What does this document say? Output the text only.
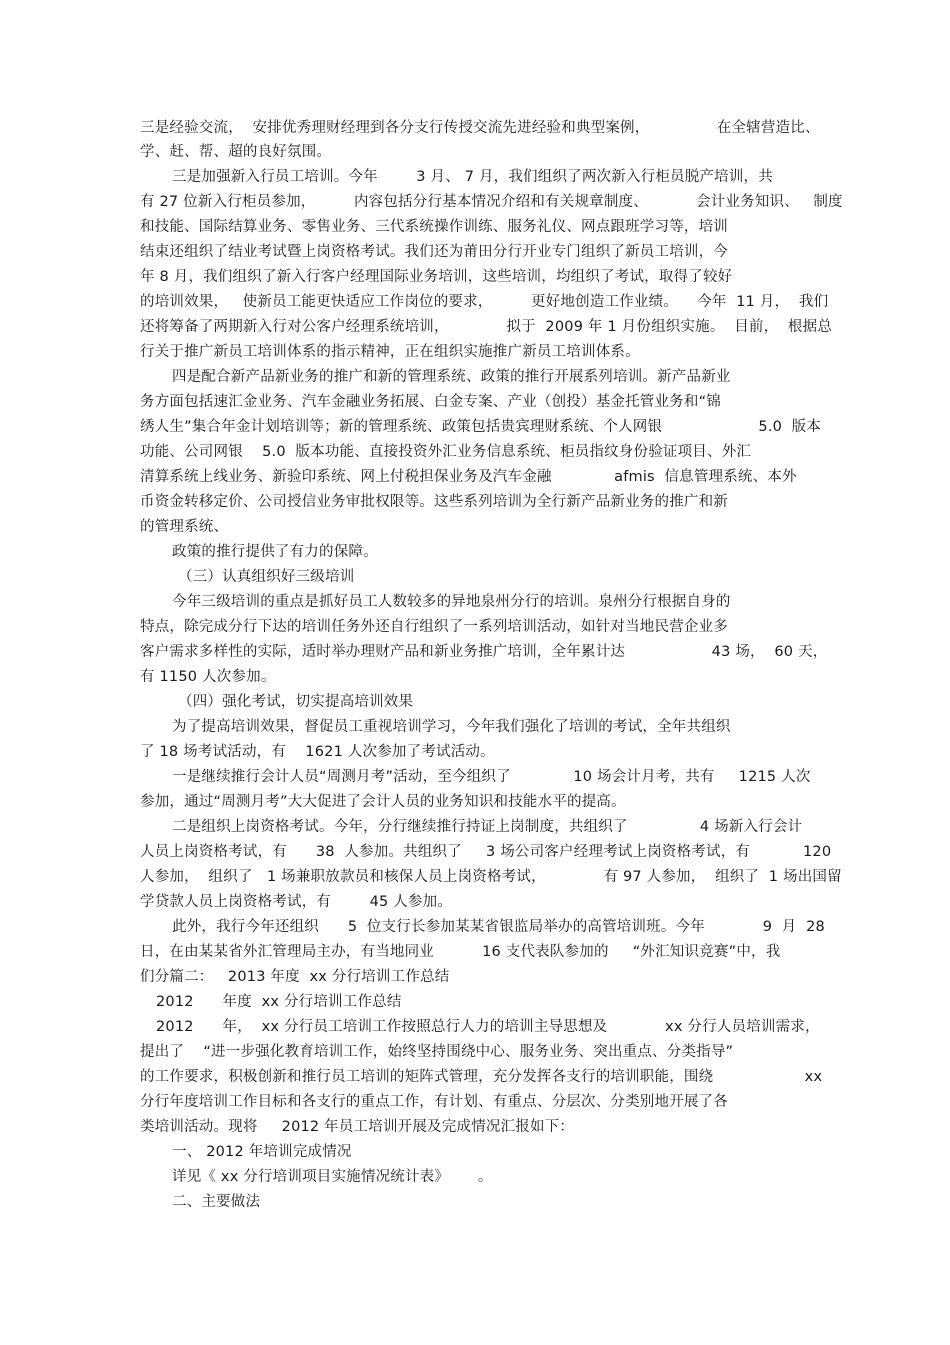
三是经验交流，  安排优秀理财经理到各分支行传授交流先进经验和典型案例，              在全辖营造比、
学、赶、帮、超的良好氛围。
三是加强新入行员工培训。今年        3 月、 7 月，我们组织了两次新入行柜员脱产培训，共
有 27 位新入行柜员参加，        内容包括分行基本情况介绍和有关规章制度、          会计业务知识、   制度
和技能、国际结算业务、零售业务、三代系统操作训练、服务礼仪、网点跟班学习等，培训
结束还组织了结业考试暨上岗资格考试。我们还为莆田分行开业专门组织了新员工培训，今
年 8 月，我们组织了新入行客户经理国际业务培训，这些培训，均组织了考试，取得了较好
的培训效果，   使新员工能更快适应工作岗位的要求，        更好地创造工作业绩。    今年  11 月，  我们
还将筹备了两期新入行对公客户经理系统培训，            拟于  2009 年 1 月份组织实施。  目前，  根据总
行关于推广新员工培训体系的指示精神，正在组织实施推广新员工培训体系。
四是配合新产品新业务的推广和新的管理系统、政策的推行开展系列培训。新产品新业
务方面包括速汇金业务、汽车金融业务拓展、白金专案、产业（创投）基金托管业务和“锦
绣人生”集合年金计划培训等；新的管理系统、政策包括贵宾理财系统、个人网银                    5.0  版本
功能、公司网银    5.0  版本功能、直接投资外汇业务信息系统、柜员指纹身份验证项目、外汇
清算系统上线业务、新验印系统、网上付税担保业务及汽车金融             afmis  信息管理系统、本外
币资金转移定价、公司授信业务审批权限等。这些系列培训为全行新产品新业务的推广和新
的管理系统、
政策的推行提供了有力的保障。
（三）认真组织好三级培训
今年三级培训的重点是抓好员工人数较多的异地泉州分行的培训。泉州分行根据自身的
特点，除完成分行下达的培训任务外还自行组织了一系列培训活动，如针对当地民营企业多
客户需求多样性的实际，适时举办理财产品和新业务推广培训，全年累计达                  43 场，  60 天，
有 1150 人次参加。
（四）强化考试，切实提高培训效果
为了提高培训效果，督促员工重视培训学习，今年我们强化了培训的考试，全年共组织
了 18 场考试活动，有    1621 人次参加了考试活动。
一是继续推行会计人员“周测月考”活动，至今组织了             10 场会计月考，共有     1215 人次
参加，通过“周测月考”大大促进了会计人员的业务知识和技能水平的提高。
二是组织上岗资格考试。今年，分行继续推行持证上岗制度，共组织了               4 场新入行会计
人员上岗资格考试，有      38  人参加。共组织了     3 场公司客户经理考试上岗资格考试，有           120
人参加，  组织了   1 场兼职放款员和核保人员上岗资格考试，            有 97 人参加，  组织了  1 场出国留
学贷款人员上岗资格考试，有        45 人参加。
此外，我行今年还组织      5  位支行长参加某某省银监局举办的高管培训班。今年            9  月  28
日，在由某某省外汇管理局主办，有当地同业          16 支代表队参加的     “外汇知识竞赛”中，我
们分篇二：   2013 年度  xx 分行培训工作总结
2012      年度  xx 分行培训工作总结
2012      年，  xx 分行员工培训工作按照总行人力的培训主导思想及            xx 分行人员培训需求，
提出了    “进一步强化教育培训工作，始终坚持围绕中心、服务业务、突出重点、分类指导”
的工作要求，积极创新和推行员工培训的矩阵式管理，充分发挥各支行的培训职能，围绕                   xx
分行年度培训工作目标和各支行的重点工作，有计划、有重点、分层次、分类别地开展了各
类培训活动。现将     2012 年员工培训开展及完成情况汇报如下：
一、 2012 年培训完成情况
详见《 xx 分行培训项目实施情况统计表》      。
二、主要做法
